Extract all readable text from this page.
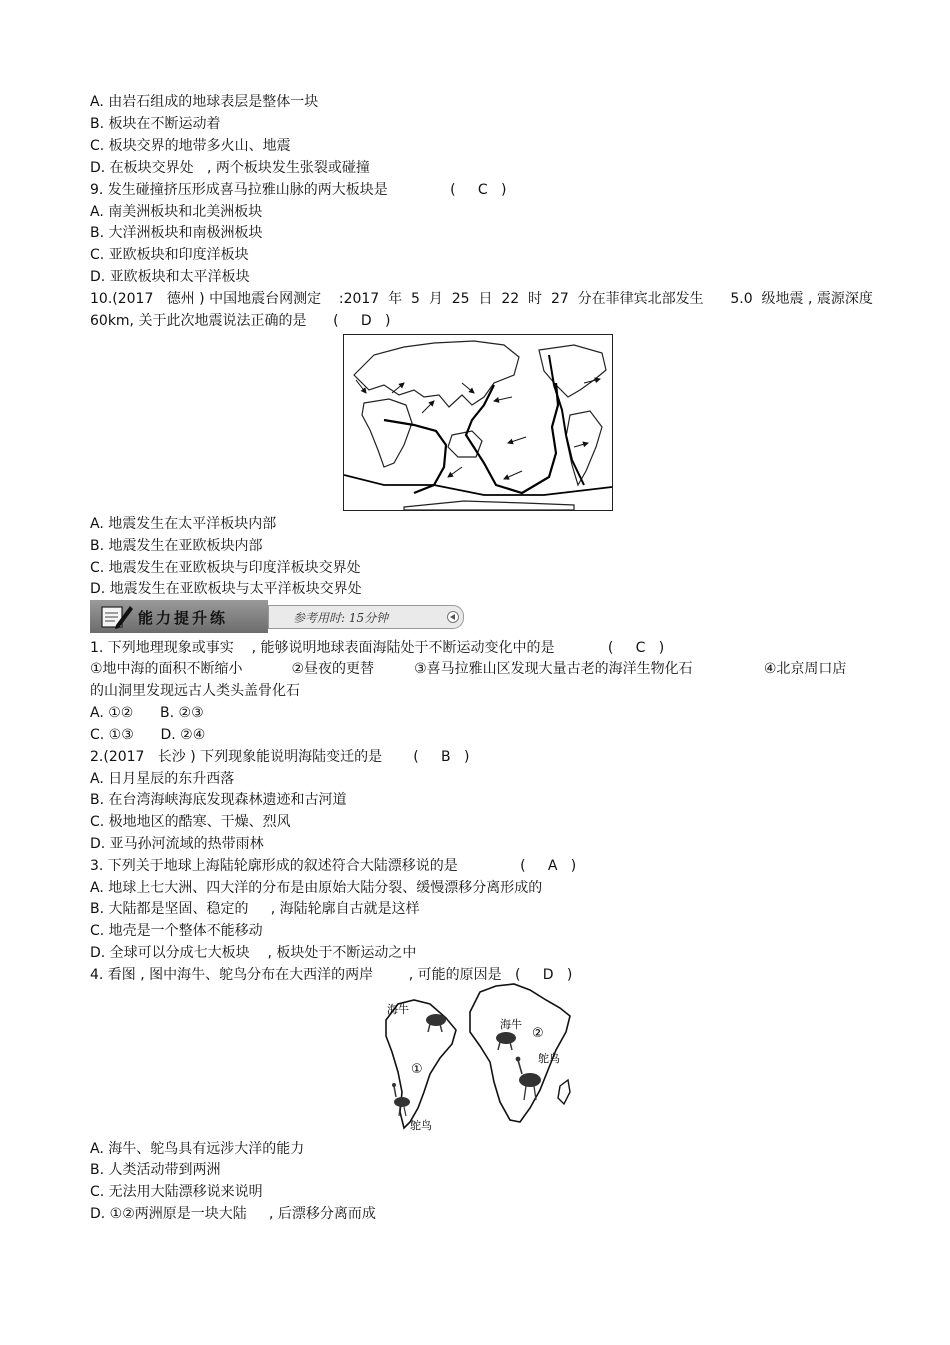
A. 由岩石组成的地球表层是整体一块
B. 板块在不断运动着
C. 板块交界的地带多火山、地震
D. 在板块交界处   , 两个板块发生张裂或碰撞
9. 发生碰撞挤压形成喜马拉雅山脉的两大板块是              (     C   )
A. 南美洲板块和北美洲板块
B. 大洋洲板块和南极洲板块
C. 亚欧板块和印度洋板块
D. 亚欧板块和太平洋板块
10.(2017   德州 ) 中国地震台网测定    :2017  年  5  月  25  日  22  时  27  分在菲律宾北部发生      5.0  级地震 , 震源深度
60km, 关于此次地震说法正确的是      (     D   )
A. 地震发生在太平洋板块内部
B. 地震发生在亚欧板块内部
C. 地震发生在亚欧板块与印度洋板块交界处
D. 地震发生在亚欧板块与太平洋板块交界处
能力提升练	参考用时: 15分钟
1. 下列地理现象或事实    , 能够说明地球表面海陆处于不断运动变化中的是            (     C   )
①地中海的面积不断缩小           ②昼夜的更替         ③喜马拉雅山区发现大量古老的海洋生物化石                ④北京周口店
的山洞里发现远古人类头盖骨化石
A. ①②      B. ②③
C. ①③      D. ②④
2.(2017   长沙 ) 下列现象能说明海陆变迁的是       (     B   )
A. 日月星辰的东升西落
B. 在台湾海峡海底发现森林遗迹和古河道
C. 极地地区的酷寒、干燥、烈风
D. 亚马孙河流域的热带雨林
3. 下列关于地球上海陆轮廓形成的叙述符合大陆漂移说的是              (     A   )
A. 地球上七大洲、四大洋的分布是由原始大陆分裂、缓慢漂移分离形成的
B. 大陆都是坚固、稳定的     , 海陆轮廓自古就是这样
C. 地壳是一个整体不能移动
D. 全球可以分成七大板块    , 板块处于不断运动之中
4. 看图 , 图中海牛、鸵鸟分布在大西洋的两岸        , 可能的原因是   (     D   )
海牛
鸵鸟
海牛
鸵鸟
①
②
A. 海牛、鸵鸟具有远涉大洋的能力
B. 人类活动带到两洲
C. 无法用大陆漂移说来说明
D. ①②两洲原是一块大陆     , 后漂移分离而成
